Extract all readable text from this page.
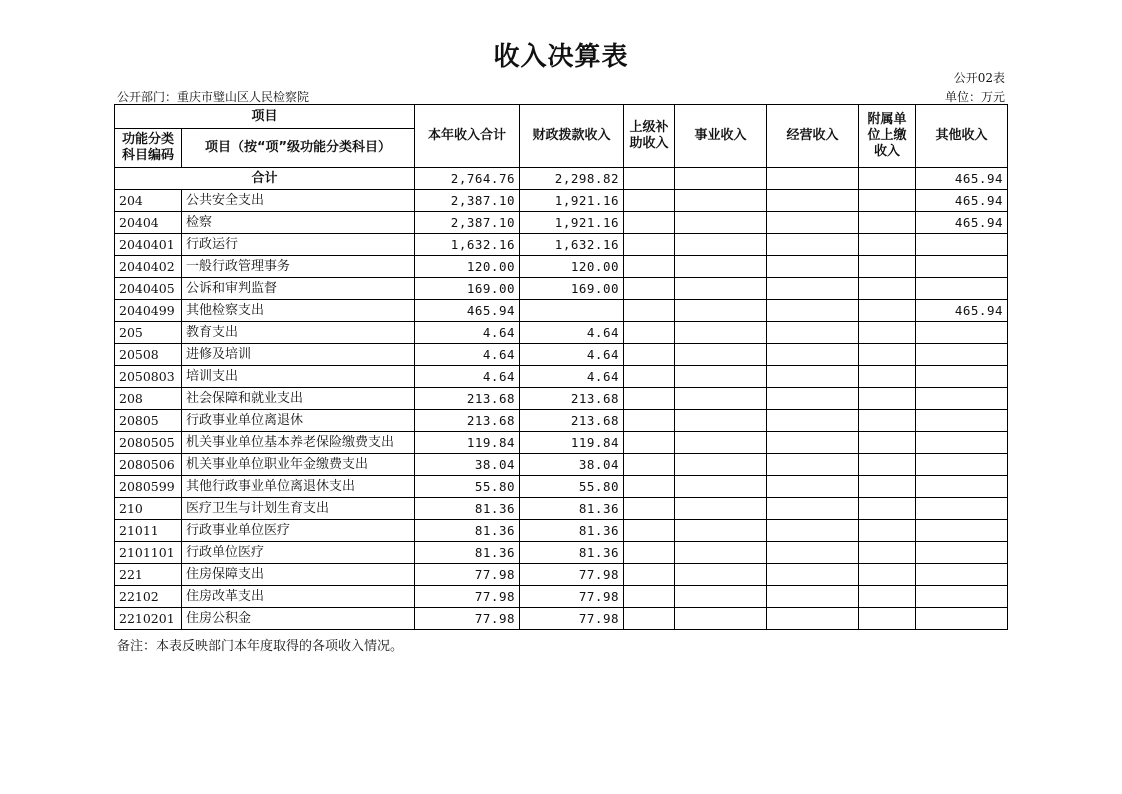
收入决算表
公开02表
公开部门：重庆市璧山区人民检察院	单位：万元
项目		本年收入合计	财政拨款收入	上级补助收入	事业收入	经营收入	附属单位上缴收入	其他收入
功能分类科目编码	项目（按“项”级功能分类科目）							
合计		2,764.76	2,298.82					465.94
204	公共安全支出	2,387.10	1,921.16					465.94
20404	检察	2,387.10	1,921.16					465.94
2040401	行政运行	1,632.16	1,632.16					
2040402	一般行政管理事务	120.00	120.00					
2040405	公诉和审判监督	169.00	169.00					
2040499	其他检察支出	465.94						465.94
205	教育支出	4.64	4.64					
20508	进修及培训	4.64	4.64					
2050803	培训支出	4.64	4.64					
208	社会保障和就业支出	213.68	213.68					
20805	行政事业单位离退休	213.68	213.68					
2080505	机关事业单位基本养老保险缴费支出	119.84	119.84					
2080506	机关事业单位职业年金缴费支出	38.04	38.04					
2080599	其他行政事业单位离退休支出	55.80	55.80					
210	医疗卫生与计划生育支出	81.36	81.36					
21011	行政事业单位医疗	81.36	81.36					
2101101	行政单位医疗	81.36	81.36					
221	住房保障支出	77.98	77.98					
22102	住房改革支出	77.98	77.98					
2210201	住房公积金	77.98	77.98					
备注：本表反映部门本年度取得的各项收入情况。
